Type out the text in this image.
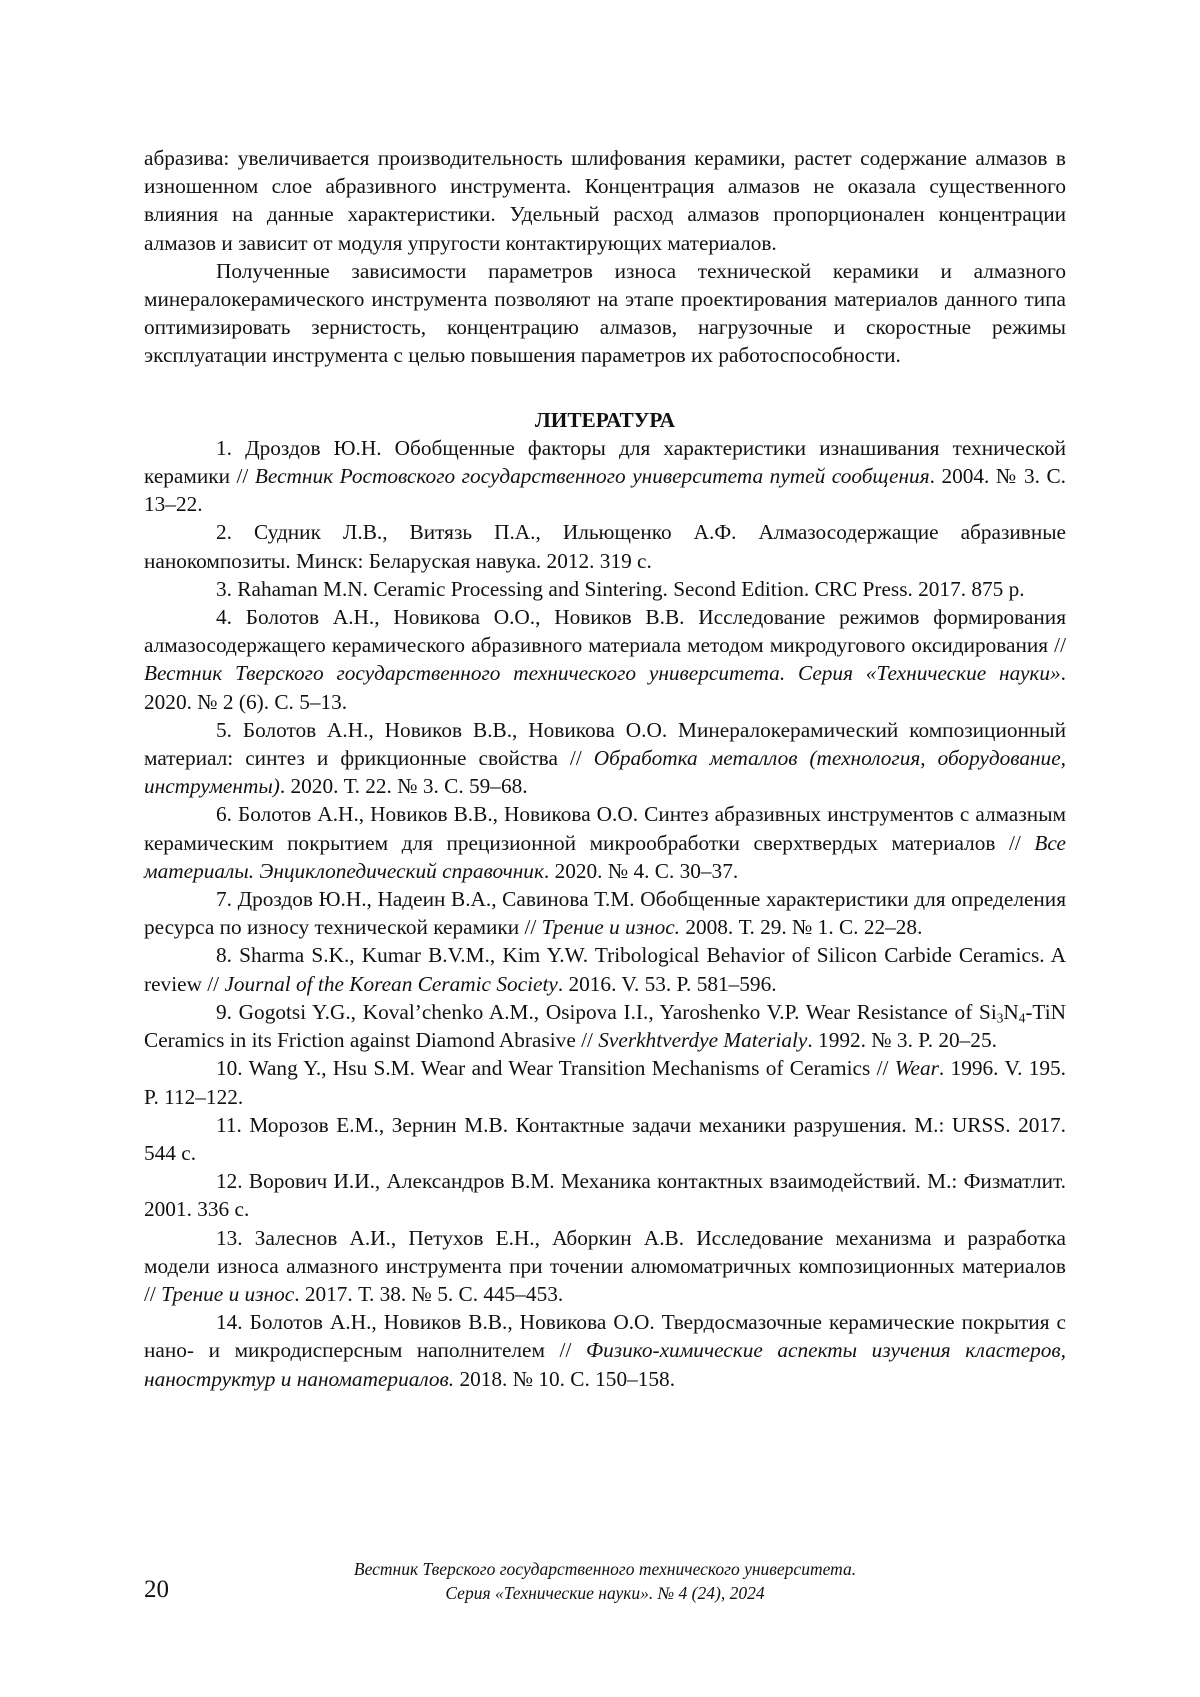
абразива: увеличивается производительность шлифования керамики, растет содержание алмазов в изношенном слое абразивного инструмента. Концентрация алмазов не оказала существенного влияния на данные характеристики. Удельный расход алмазов пропорционален концентрации алмазов и зависит от модуля упругости контактирующих материалов.

Полученные зависимости параметров износа технической керамики и алмазного минералокерамического инструмента позволяют на этапе проектирования материалов данного типа оптимизировать зернистость, концентрацию алмазов, нагрузочные и скоростные режимы эксплуатации инструмента с целью повышения параметров их работоспособности.

ЛИТЕРАТУРА

1. Дроздов Ю.Н. Обобщенные факторы для характеристики изнашивания технической керамики // Вестник Ростовского государственного университета путей сообщения. 2004. № 3. С. 13–22.

2. Судник Л.В., Витязь П.А., Ильющенко А.Ф. Алмазосодержащие абразивные нанокомпозиты. Минск: Беларуская навука. 2012. 319 с.

3. Rahaman M.N. Ceramic Processing and Sintering. Second Edition. CRC Press. 2017. 875 p.

4. Болотов А.Н., Новикова О.О., Новиков В.В. Исследование режимов формирования алмазосодержащего керамического абразивного материала методом микродугового оксидирования // Вестник Тверского государственного технического университета. Серия «Технические науки». 2020. № 2 (6). С. 5–13.

5. Болотов А.Н., Новиков В.В., Новикова О.О. Минералокерамический композиционный материал: синтез и фрикционные свойства // Обработка металлов (технология, оборудование, инструменты). 2020. Т. 22. № 3. С. 59–68.

6. Болотов А.Н., Новиков В.В., Новикова О.О. Синтез абразивных инструментов с алмазным керамическим покрытием для прецизионной микрообработки сверхтвердых материалов // Все материалы. Энциклопедический справочник. 2020. № 4. С. 30–37.

7. Дроздов Ю.Н., Надеин В.А., Савинова Т.М. Обобщенные характеристики для определения ресурса по износу технической керамики // Трение и износ. 2008. Т. 29. № 1. С. 22–28.

8. Sharma S.K., Kumar B.V.M., Kim Y.W. Tribological Behavior of Silicon Carbide Ceramics. A review // Journal of the Korean Ceramic Society. 2016. V. 53. P. 581–596.

9. Gogotsi Y.G., Koval’chenko A.M., Osipova I.I., Yaroshenko V.P. Wear Resistance of $Si_3N_4$-TiN Ceramics in its Friction against Diamond Abrasive // Sverkhtverdye Materialy. 1992. № 3. P. 20–25.

10. Wang Y., Hsu S.M. Wear and Wear Transition Mechanisms of Ceramics // Wear. 1996. V. 195. P. 112–122.

11. Морозов Е.М., Зернин М.В. Контактные задачи механики разрушения. М.: URSS. 2017. 544 с.

12. Ворович И.И., Александров В.М. Механика контактных взаимодействий. М.: Физматлит. 2001. 336 с.

13. Залеснов А.И., Петухов Е.Н., Аборкин А.В. Исследование механизма и разработка модели износа алмазного инструмента при точении алюмоматричных композиционных материалов // Трение и износ. 2017. Т. 38. № 5. С. 445–453.

14. Болотов А.Н., Новиков В.В., Новикова О.О. Твердосмазочные керамические покрытия с нано- и микродисперсным наполнителем // Физико-химические аспекты изучения кластеров, наноструктур и наноматериалов. 2018. № 10. С. 150–158.

Вестник Тверского государственного технического университета.
Серия «Технические науки». № 4 (24), 2024
20
